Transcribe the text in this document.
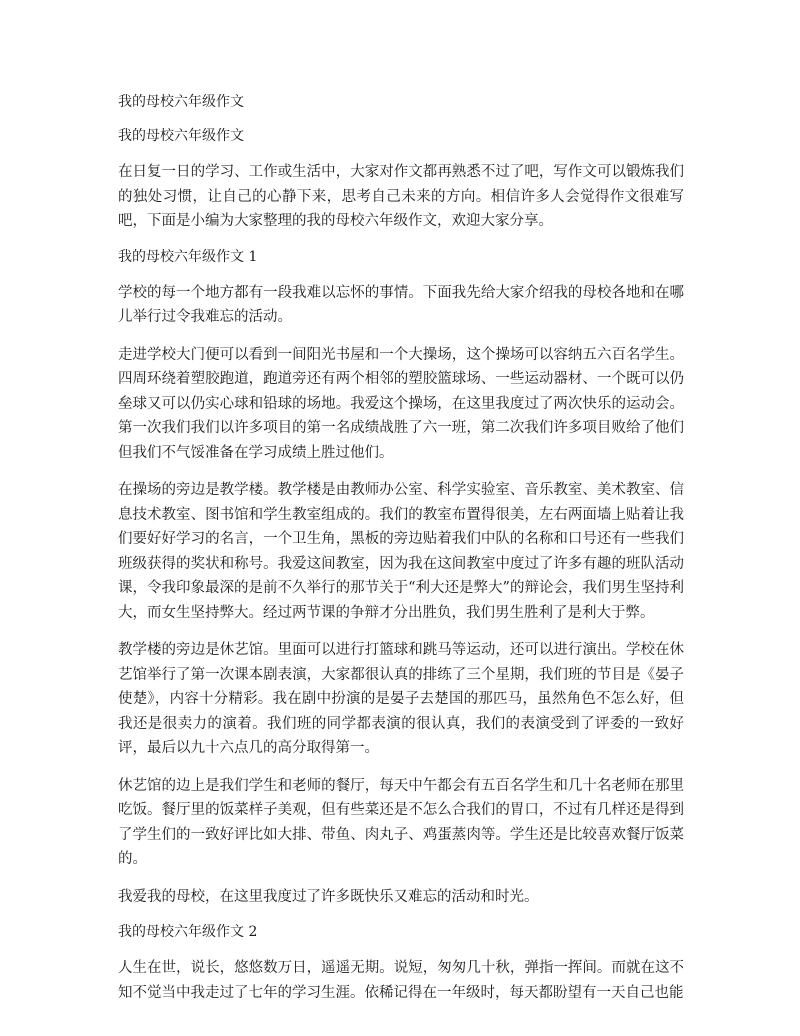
我的母校六年级作文
我的母校六年级作文
在日复一日的学习、工作或生活中，大家对作文都再熟悉不过了吧，写作文可以锻炼我们的独处习惯，让自己的心静下来，思考自己未来的方向。相信许多人会觉得作文很难写吧，下面是小编为大家整理的我的母校六年级作文，欢迎大家分享。
我的母校六年级作文 1
学校的每一个地方都有一段我难以忘怀的事情。下面我先给大家介绍我的母校各地和在哪儿举行过令我难忘的活动。
走进学校大门便可以看到一间阳光书屋和一个大操场，这个操场可以容纳五六百名学生。四周环绕着塑胶跑道，跑道旁还有两个相邻的塑胶篮球场、一些运动器材、一个既可以仍垒球又可以仍实心球和铅球的场地。我爱这个操场，在这里我度过了两次快乐的运动会。第一次我们我们以许多项目的第一名成绩战胜了六一班，第二次我们许多项目败给了他们但我们不气馁准备在学习成绩上胜过他们。
在操场的旁边是教学楼。教学楼是由教师办公室、科学实验室、音乐教室、美术教室、信息技术教室、图书馆和学生教室组成的。我们的教室布置得很美，左右两面墙上贴着让我们要好好学习的名言，一个卫生角，黑板的旁边贴着我们中队的名称和口号还有一些我们班级获得的奖状和称号。我爱这间教室，因为我在这间教室中度过了许多有趣的班队活动课，令我印象最深的是前不久举行的那节关于“利大还是弊大”的辩论会，我们男生坚持利大，而女生坚持弊大。经过两节课的争辩才分出胜负，我们男生胜利了是利大于弊。
教学楼的旁边是休艺馆。里面可以进行打篮球和跳马等运动，还可以进行演出。学校在休艺馆举行了第一次课本剧表演，大家都很认真的排练了三个星期，我们班的节目是《晏子使楚》，内容十分精彩。我在剧中扮演的是晏子去楚国的那匹马，虽然角色不怎么好，但我还是很卖力的演着。我们班的同学都表演的很认真，我们的表演受到了评委的一致好评，最后以九十六点几的高分取得第一。
休艺馆的边上是我们学生和老师的餐厅，每天中午都会有五百名学生和几十名老师在那里吃饭。餐厅里的饭菜样子美观，但有些菜还是不怎么合我们的胃口，不过有几样还是得到了学生们的一致好评比如大排、带鱼、肉丸子、鸡蛋蒸肉等。学生还是比较喜欢餐厅饭菜的。
我爱我的母校，在这里我度过了许多既快乐又难忘的活动和时光。
我的母校六年级作文 2
人生在世，说长，悠悠数万日，遥遥无期。说短，匆匆几十秋，弹指一挥间。而就在这不知不觉当中我走过了七年的学习生涯。依稀记得在一年级时，每天都盼望有一天自己也能
